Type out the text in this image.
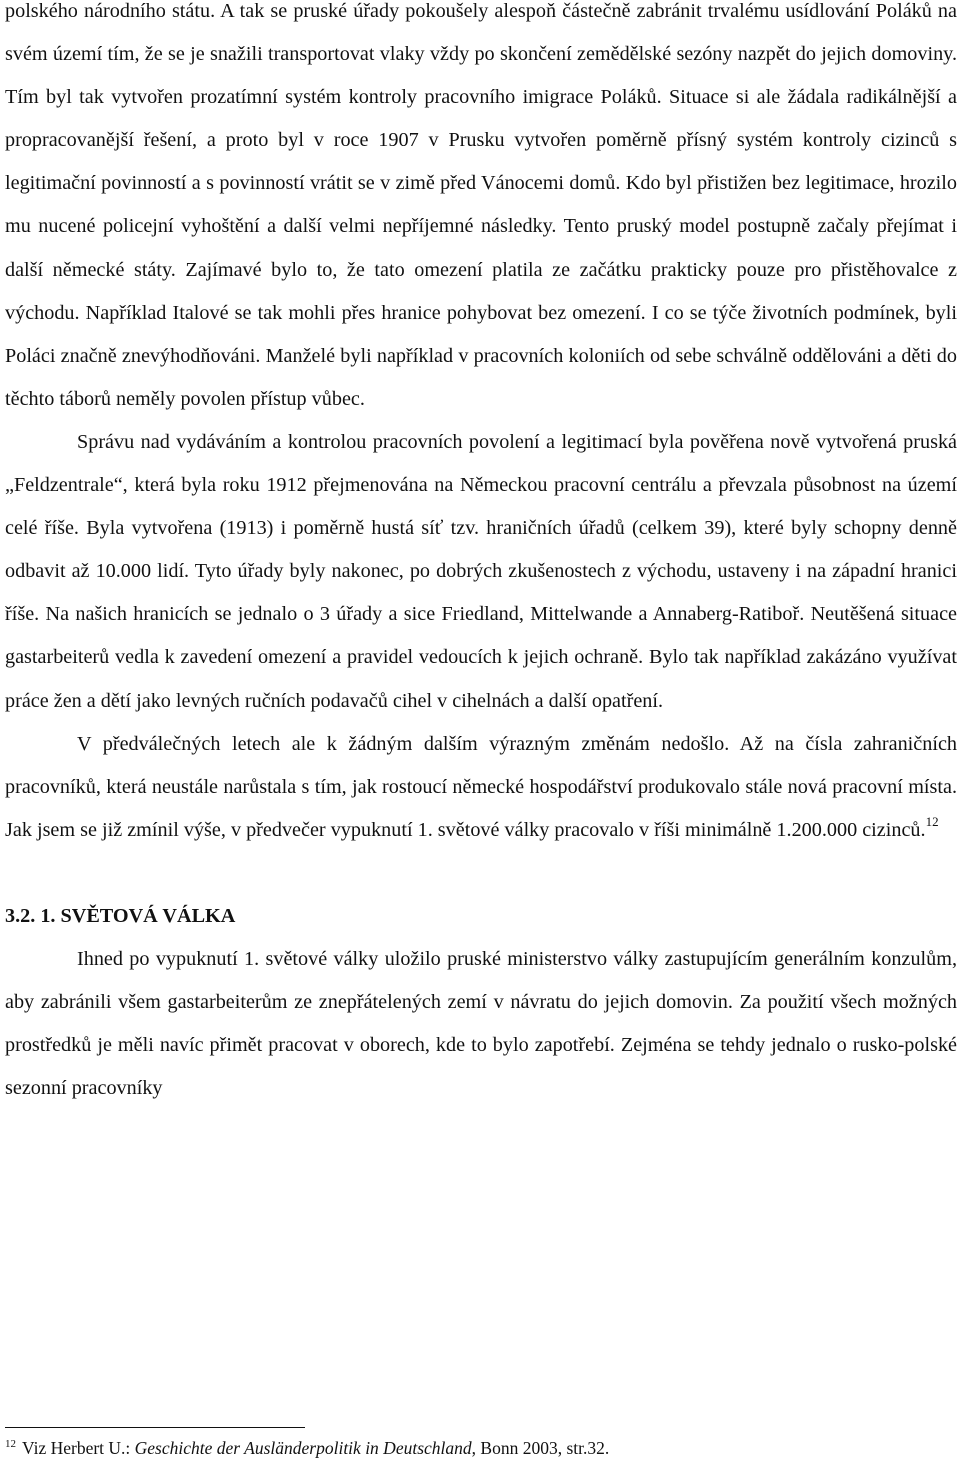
polského národního státu. A tak se pruské úřady pokoušely alespoň částečně zabránit trvalému usídlování Poláků na svém území tím, že se je snažili transportovat vlaky vždy po skončení zemědělské sezóny nazpět do jejich domoviny. Tím byl tak vytvořen prozatímní systém kontroly pracovního imigrace Poláků. Situace si ale žádala radikálnější a propracovanější řešení, a proto byl v roce 1907 v Prusku vytvořen poměrně přísný systém kontroly cizinců s legitimační povinností a s povinností vrátit se v zimě před Vánocemi domů. Kdo byl přistižen bez legitimace, hrozilo mu nucené policejní vyhoštění a další velmi nepříjemné následky. Tento pruský model postupně začaly přejímat i další německé státy. Zajímavé bylo to, že tato omezení platila ze začátku prakticky pouze pro přistěhovalce z východu. Například Italové se tak mohli přes hranice pohybovat bez omezení. I co se týče životních podmínek, byli Poláci značně znevýhodňováni. Manželé byli například v pracovních koloniích od sebe schválně oddělováni a děti do těchto táborů neměly povolen přístup vůbec.

Správu nad vydáváním a kontrolou pracovních povolení a legitimací byla pověřena nově vytvořená pruská „Feldzentrale“, která byla roku 1912 přejmenována na Německou pracovní centrálu a převzala působnost na území celé říše. Byla vytvořena (1913) i poměrně hustá síť tzv. hraničních úřadů (celkem 39), které byly schopny denně odbavit až 10.000 lidí. Tyto úřady byly nakonec, po dobrých zkušenostech z východu, ustaveny i na západní hranici říše. Na našich hranicích se jednalo o 3 úřady a sice Friedland, Mittelwande a Annaberg-Ratiboř. Neutěšená situace gastarbeiterů vedla k zavedení omezení a pravidel vedoucích k jejich ochraně. Bylo tak například zakázáno využívat práce žen a dětí jako levných ručních podavačů cihel v cihelnách a další opatření.

V předválečných letech ale k žádným dalším výrazným změnám nedošlo. Až na čísla zahraničních pracovníků, která neustále narůstala s tím, jak rostoucí německé hospodářství produkovalo stále nová pracovní místa. Jak jsem se již zmínil výše, v předvečer vypuknutí 1. světové války pracovalo v říši minimálně 1.200.000 cizinců.$^{12}$

3.2. 1. SVĚTOVÁ VÁLKA

Ihned po vypuknutí 1. světové války uložilo pruské ministerstvo války zastupujícím generálním konzulům, aby zabránili všem gastarbeiterům ze znepřátelených zemí v návratu do jejich domovin. Za použití všech možných prostředků je měli navíc přimět pracovat v oborech, kde to bylo zapotřebí. Zejména se tehdy jednalo o rusko-polské sezonní pracovníky

$^{12}$ Viz Herbert U.: Geschichte der Ausländerpolitik in Deutschland, Bonn 2003, str.32.
